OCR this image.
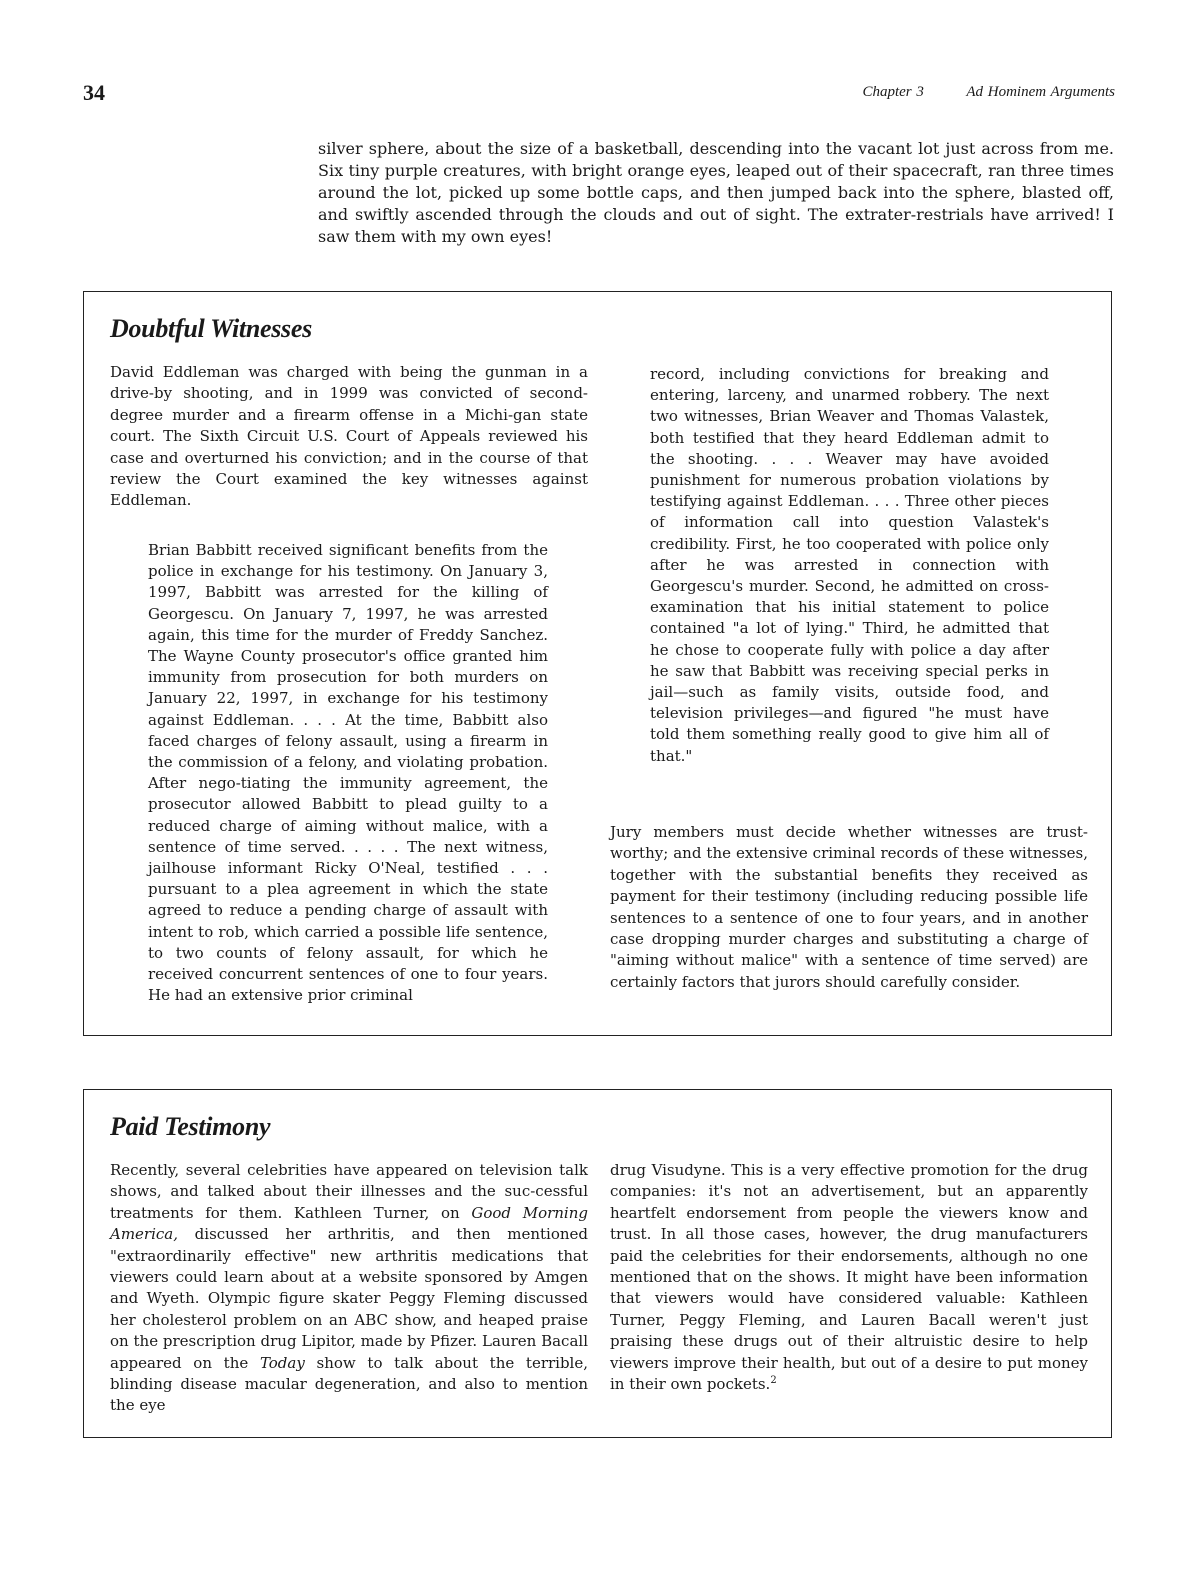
34	Chapter 3	Ad Hominem Arguments

silver sphere, about the size of a basketball, descending into the vacant lot just across from me. Six tiny purple creatures, with bright orange eyes, leaped out of their spacecraft, ran three times around the lot, picked up some bottle caps, and then jumped back into the sphere, blasted off, and swiftly ascended through the clouds and out of sight. The extrater-restrials have arrived! I saw them with my own eyes!

Doubtful Witnesses

David Eddleman was charged with being the gunman in a drive-by shooting, and in 1999 was convicted of second-degree murder and a firearm offense in a Michi-gan state court. The Sixth Circuit U.S. Court of Appeals reviewed his case and overturned his conviction; and in the course of that review the Court examined the key witnesses against Eddleman.

Brian Babbitt received significant benefits from the police in exchange for his testimony. On January 3, 1997, Babbitt was arrested for the killing of Georgescu. On January 7, 1997, he was arrested again, this time for the murder of Freddy Sanchez. The Wayne County prosecutor's office granted him immunity from prosecution for both murders on January 22, 1997, in exchange for his testimony against Eddleman. . . . At the time, Babbitt also faced charges of felony assault, using a firearm in the commission of a felony, and violating probation. After nego-tiating the immunity agreement, the prosecutor allowed Babbitt to plead guilty to a reduced charge of aiming without malice, with a sentence of time served. . . . . The next witness, jailhouse informant Ricky O'Neal, testified . . . pursuant to a plea agreement in which the state agreed to reduce a pending charge of assault with intent to rob, which carried a possible life sentence, to two counts of felony assault, for which he received concurrent sentences of one to four years. He had an extensive prior criminal

record, including convictions for breaking and entering, larceny, and unarmed robbery. The next two witnesses, Brian Weaver and Thomas Valastek, both testified that they heard Eddleman admit to the shooting. . . . Weaver may have avoided punishment for numerous probation violations by testifying against Eddleman. . . . Three other pieces of information call into question Valastek's credibility. First, he too cooperated with police only after he was arrested in connection with Georgescu's murder. Second, he admitted on cross-examination that his initial statement to police contained "a lot of lying." Third, he admitted that he chose to cooperate fully with police a day after he saw that Babbitt was receiving special perks in jail—such as family visits, outside food, and television privileges—and figured "he must have told them something really good to give him all of that."

Jury members must decide whether witnesses are trust-worthy; and the extensive criminal records of these witnesses, together with the substantial benefits they received as payment for their testimony (including reducing possible life sentences to a sentence of one to four years, and in another case dropping murder charges and substituting a charge of "aiming without malice" with a sentence of time served) are certainly factors that jurors should carefully consider.

Paid Testimony

Recently, several celebrities have appeared on television talk shows, and talked about their illnesses and the suc-cessful treatments for them. Kathleen Turner, on Good Morning America, discussed her arthritis, and then mentioned "extraordinarily effective" new arthritis medications that viewers could learn about at a website sponsored by Amgen and Wyeth. Olympic figure skater Peggy Fleming discussed her cholesterol problem on an ABC show, and heaped praise on the prescription drug Lipitor, made by Pfizer. Lauren Bacall appeared on the Today show to talk about the terrible, blinding disease macular degeneration, and also to mention the eye

drug Visudyne. This is a very effective promotion for the drug companies: it's not an advertisement, but an apparently heartfelt endorsement from people the viewers know and trust. In all those cases, however, the drug manufacturers paid the celebrities for their endorsements, although no one mentioned that on the shows. It might have been information that viewers would have considered valuable: Kathleen Turner, Peggy Fleming, and Lauren Bacall weren't just praising these drugs out of their altruistic desire to help viewers improve their health, but out of a desire to put money in their own pockets.$^2$
